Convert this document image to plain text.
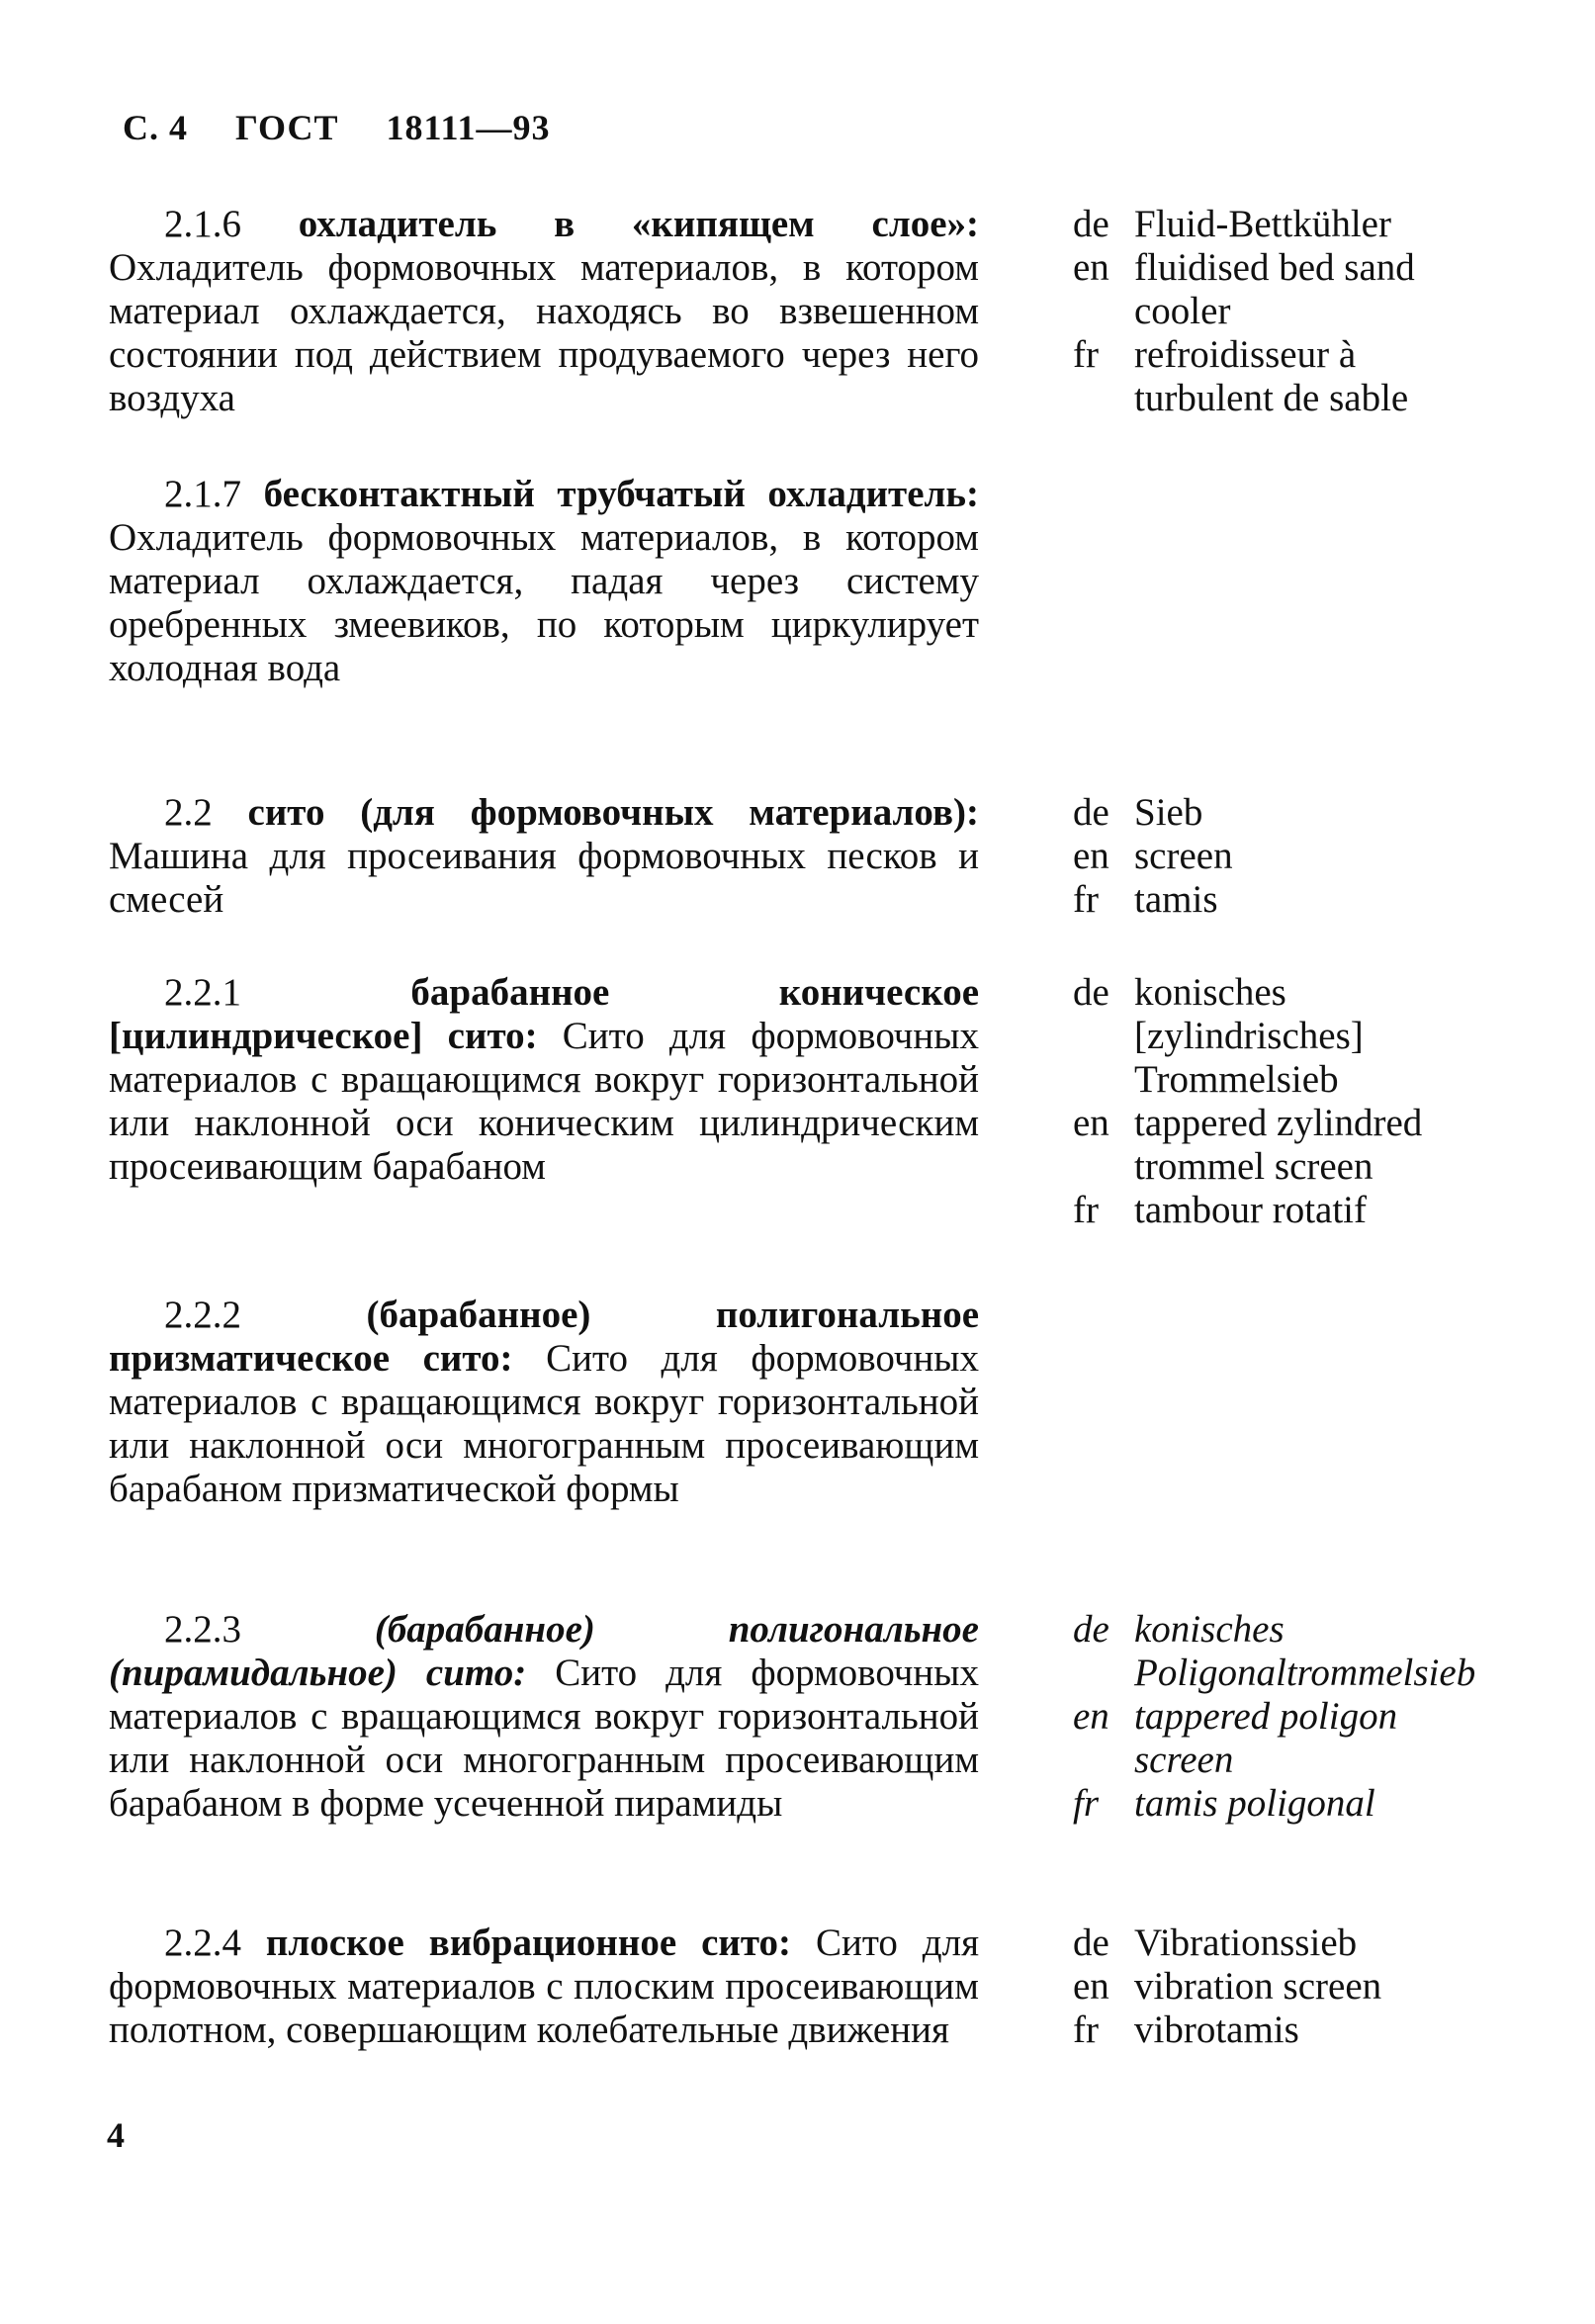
С. 4 ГОСТ 18111—93

2.1.6 охладитель в «кипящем слое»: Охладитель формовочных материалов, в котором материал охлаждается, находясь во взвешенном состоянии под действием продуваемого через него воздуха

de Fluid-Bettkühler
en fluidised bed sand cooler
fr refroidisseur à turbulent de sable

2.1.7 бесконтактный трубчатый охладитель: Охладитель формовочных материалов, в котором материал охлаждается, падая через систему оребренных змеевиков, по которым циркулирует холодная вода

2.2 сито (для формовочных материалов): Машина для просеивания формовочных песков и смесей

de Sieb
en screen
fr tamis

2.2.1	барабанное коническое [цилиндрическое] сито: Сито для формовочных материалов с вращающимся вокруг горизонтальной или наклонной оси коническим цилиндрическим просеивающим барабаном

de konisches [zylindrisches] Trommelsieb
en tappered zylindred trommel screen
fr tambour rotatif

2.2.2	(барабанное) полигональное призматическое сито: Сито для формовочных материалов с вращающимся вокруг горизонтальной или наклонной оси многогранным просеивающим барабаном призматической формы

2.2.3	(барабанное) полигональное (пирамидальное) сито: Сито для формовочных материалов с вращающимся вокруг горизонтальной или наклонной оси многогранным просеивающим барабаном в форме усеченной пирамиды

de konisches Poligonaltrommelsieb
en tappered poligon screen
fr tamis poligonal

2.2.4 плоское вибрационное сито: Сито для формовочных материалов с плоским просеивающим полотном, совершающим колебательные движения

de Vibrationssieb
en vibration screen
fr vibrotamis
4
